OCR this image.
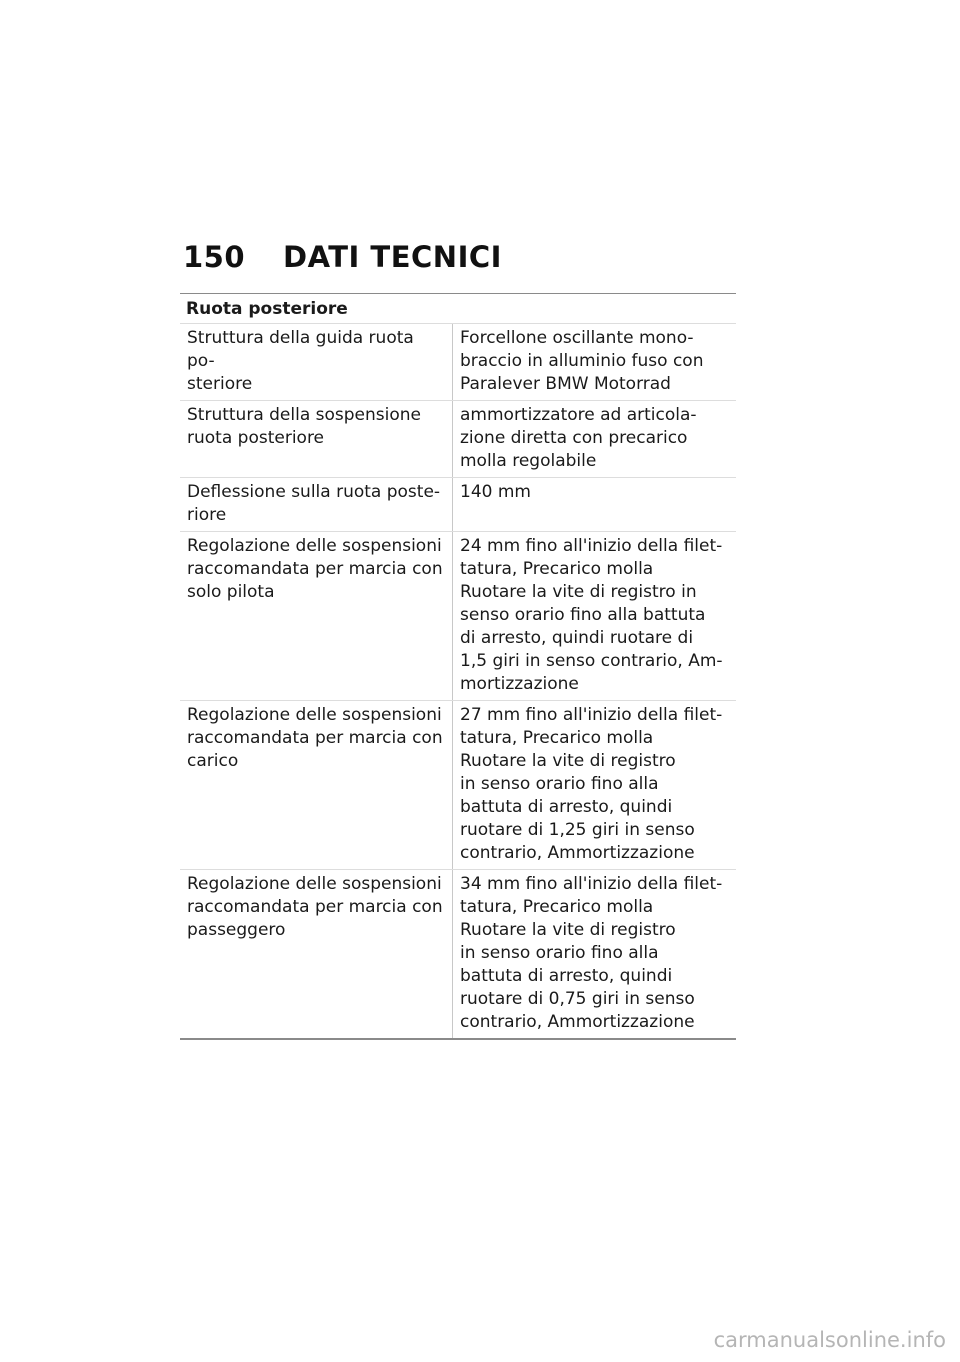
150 DATI TECNICI
Ruota posteriore
Struttura della guida ruota po-
steriore
Forcellone oscillante mono-
braccio in alluminio fuso con
Paralever BMW Motorrad
Struttura della sospensione
ruota posteriore
ammortizzatore ad articola-
zione diretta con precarico
molla regolabile
Deflessione sulla ruota poste-
riore
140 mm
Regolazione delle sospensioni
raccomandata per marcia con
solo pilota
24 mm fino all'inizio della filet-
tatura, Precarico molla
Ruotare la vite di registro in
senso orario fino alla battuta
di arresto, quindi ruotare di
1,5 giri in senso contrario, Am-
mortizzazione
Regolazione delle sospensioni
raccomandata per marcia con
carico
27 mm fino all'inizio della filet-
tatura, Precarico molla
Ruotare la vite di registro
in senso orario fino alla
battuta di arresto, quindi
ruotare di 1,25 giri in senso
contrario, Ammortizzazione
Regolazione delle sospensioni
raccomandata per marcia con
passeggero
34 mm fino all'inizio della filet-
tatura, Precarico molla
Ruotare la vite di registro
in senso orario fino alla
battuta di arresto, quindi
ruotare di 0,75 giri in senso
contrario, Ammortizzazione
carmanualsonline.info
